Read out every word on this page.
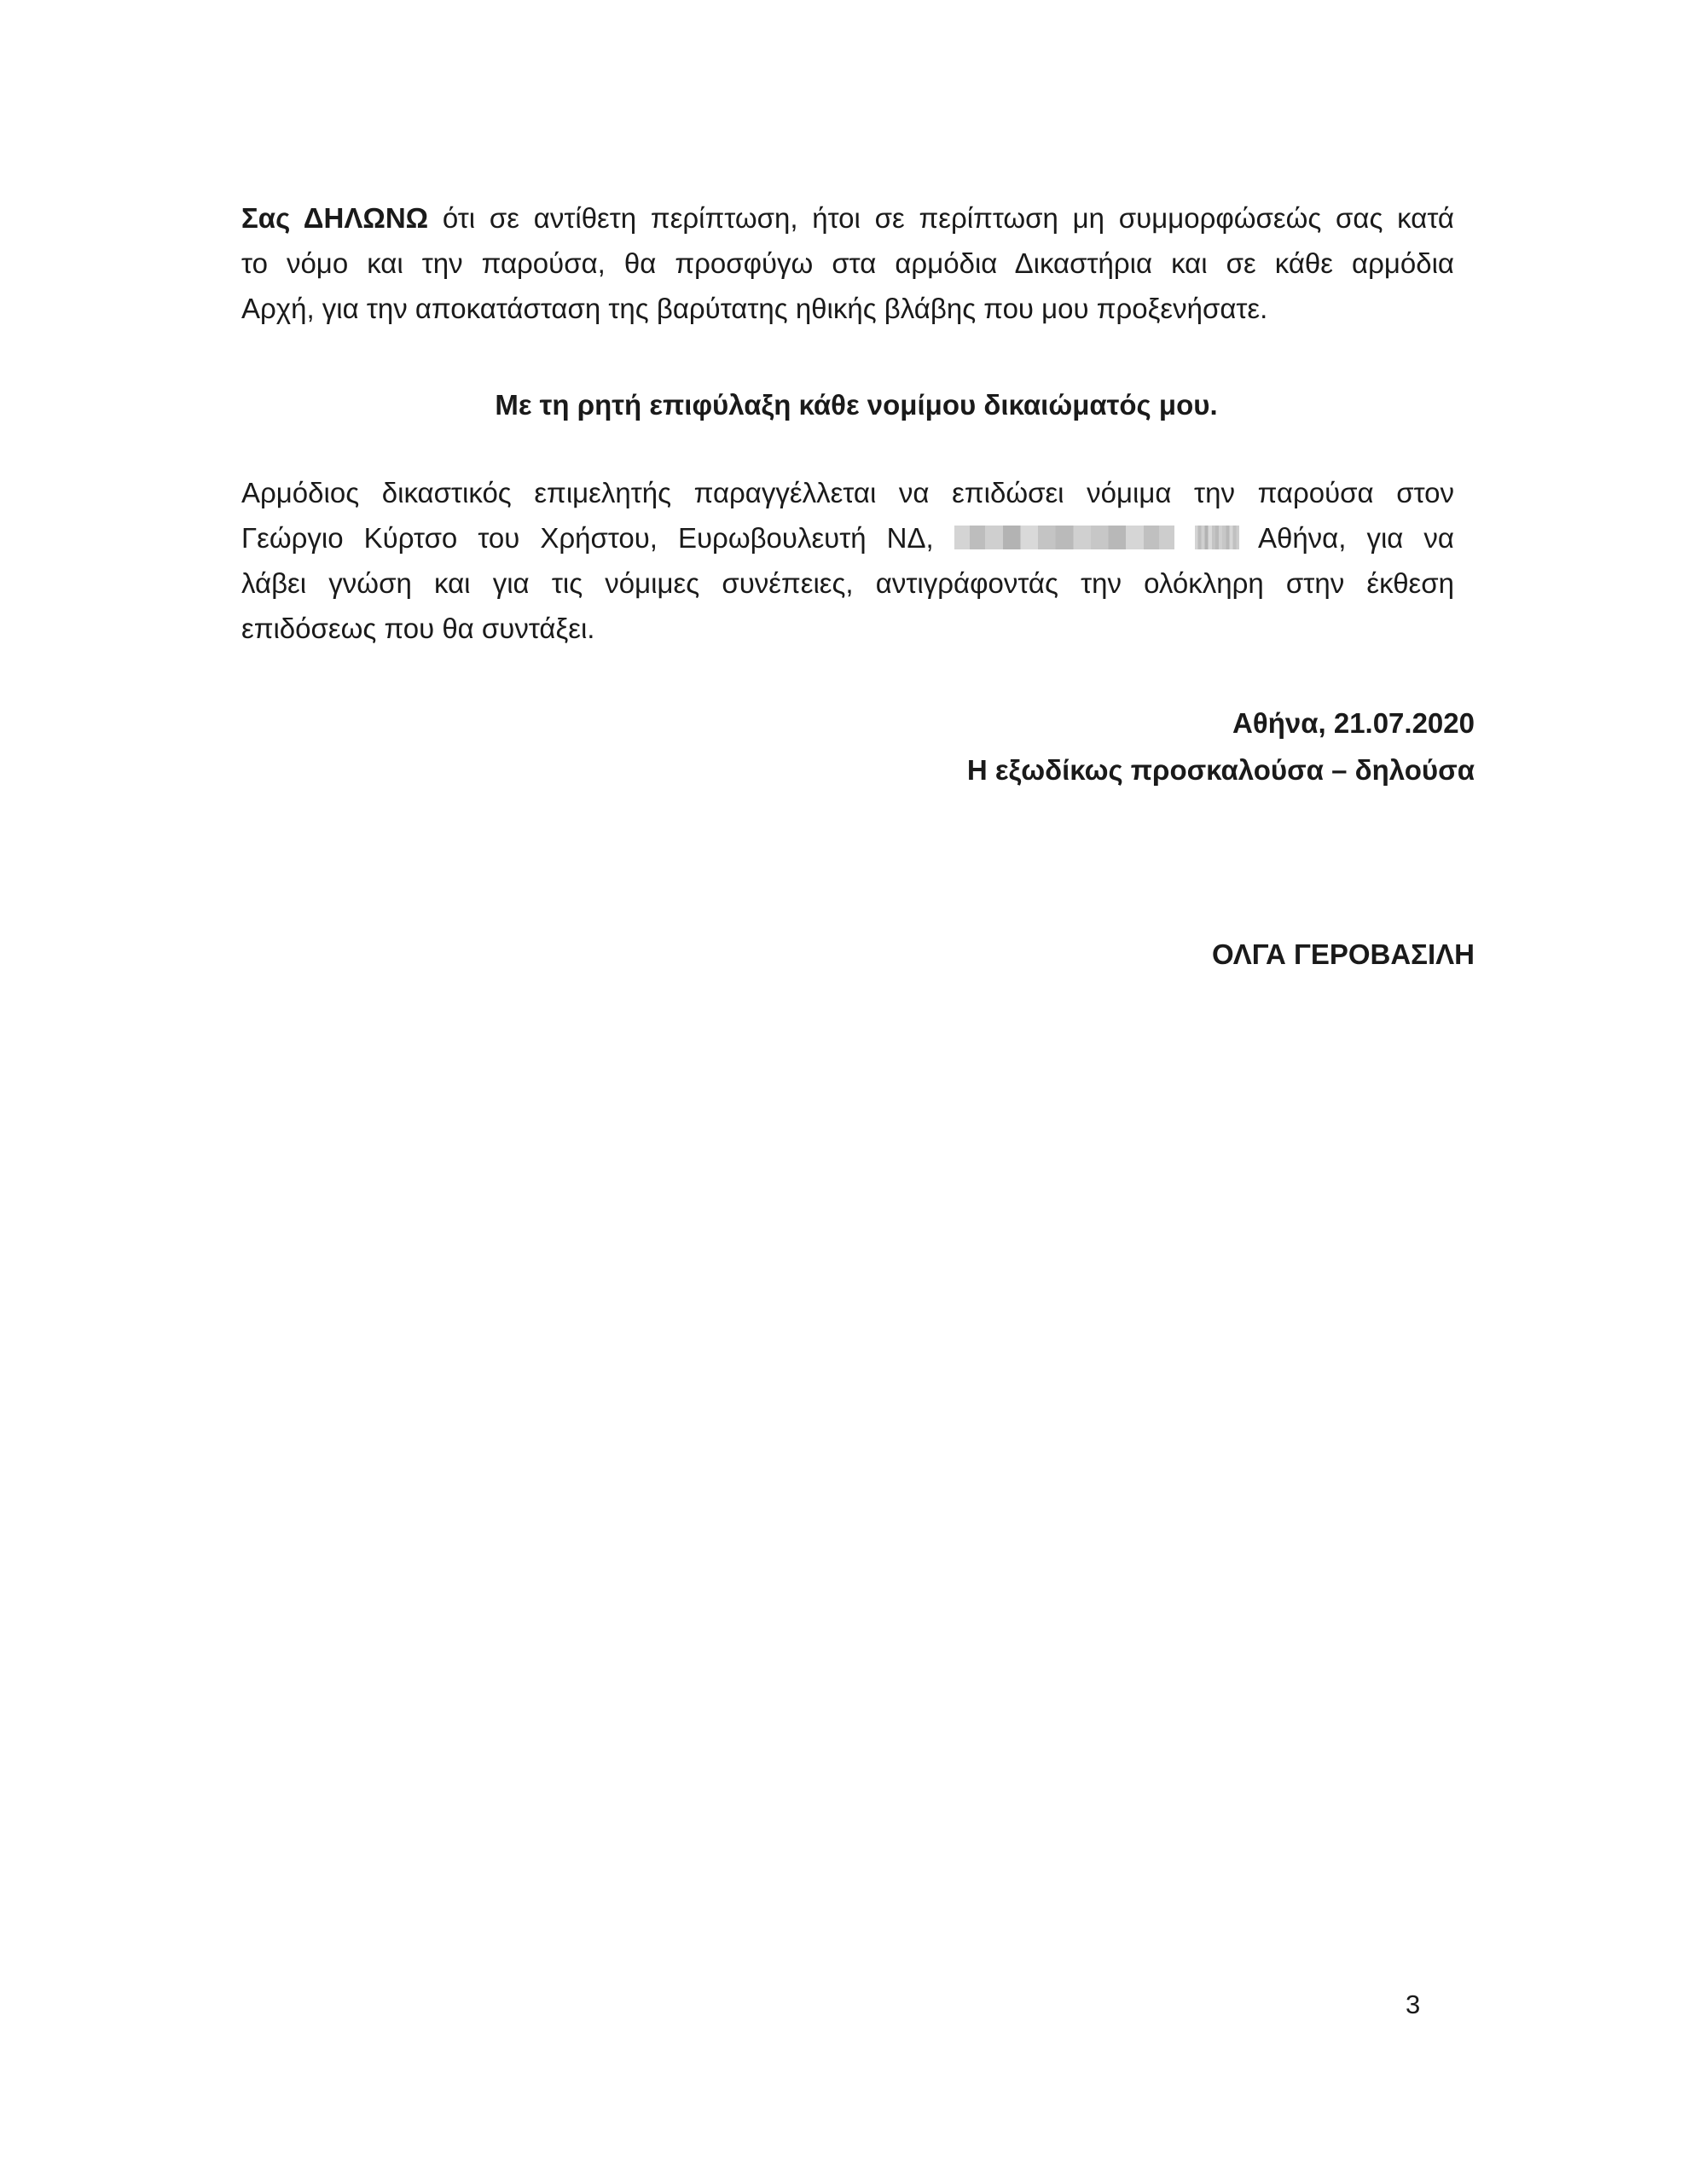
Σας ΔΗΛΩΝΩ ότι σε αντίθετη περίπτωση, ήτοι σε περίπτωση μη συμμορφώσεώς σας κατά
το νόμο και την παρούσα, θα προσφύγω στα αρμόδια Δικαστήρια και σε κάθε αρμόδια
Αρχή, για την αποκατάσταση της βαρύτατης ηθικής βλάβης που μου προξενήσατε.

Με τη ρητή επιφύλαξη κάθε νομίμου δικαιώματός μου.

Αρμόδιος δικαστικός επιμελητής παραγγέλλεται να επιδώσει νόμιμα την παρούσα στον
Γεώργιο Κύρτσο του Χρήστου, Ευρωβουλευτή ΝΔ,	Αθήνα, για να
λάβει γνώση και για τις νόμιμες συνέπειες, αντιγράφοντάς την ολόκληρη στην έκθεση
επιδόσεως που θα συντάξει.

Αθήνα, 21.07.2020

Η εξωδίκως προσκαλούσα – δηλούσα

ΟΛΓΑ ΓΕΡΟΒΑΣΙΛΗ

3
